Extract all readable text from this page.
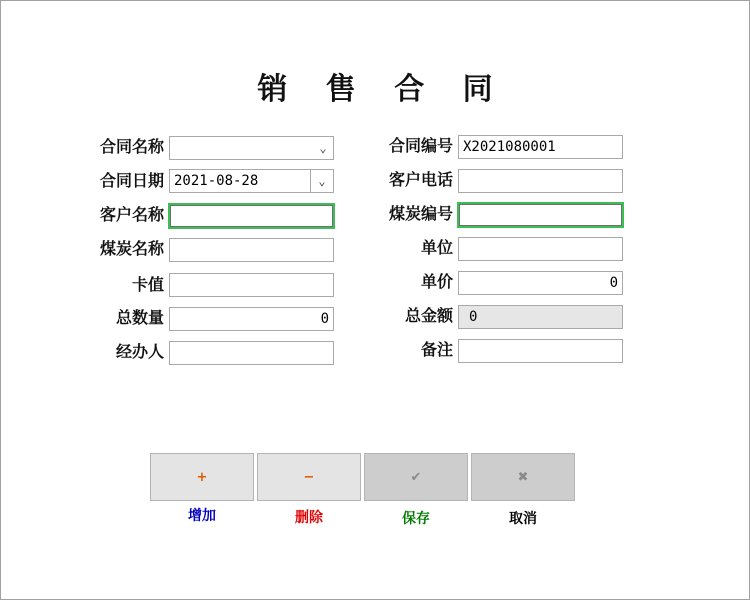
销 售 合 同
合同名称	⌄
合同日期 2021-08-28	⌄
客户名称
煤炭名称
卡值
总数量	0
经办人
合同编号 X2021080001
客户电话
煤炭编号
单位
单价	0
总金额	0
备注
+
增加
−
删除
✔
保存
✖
取消
